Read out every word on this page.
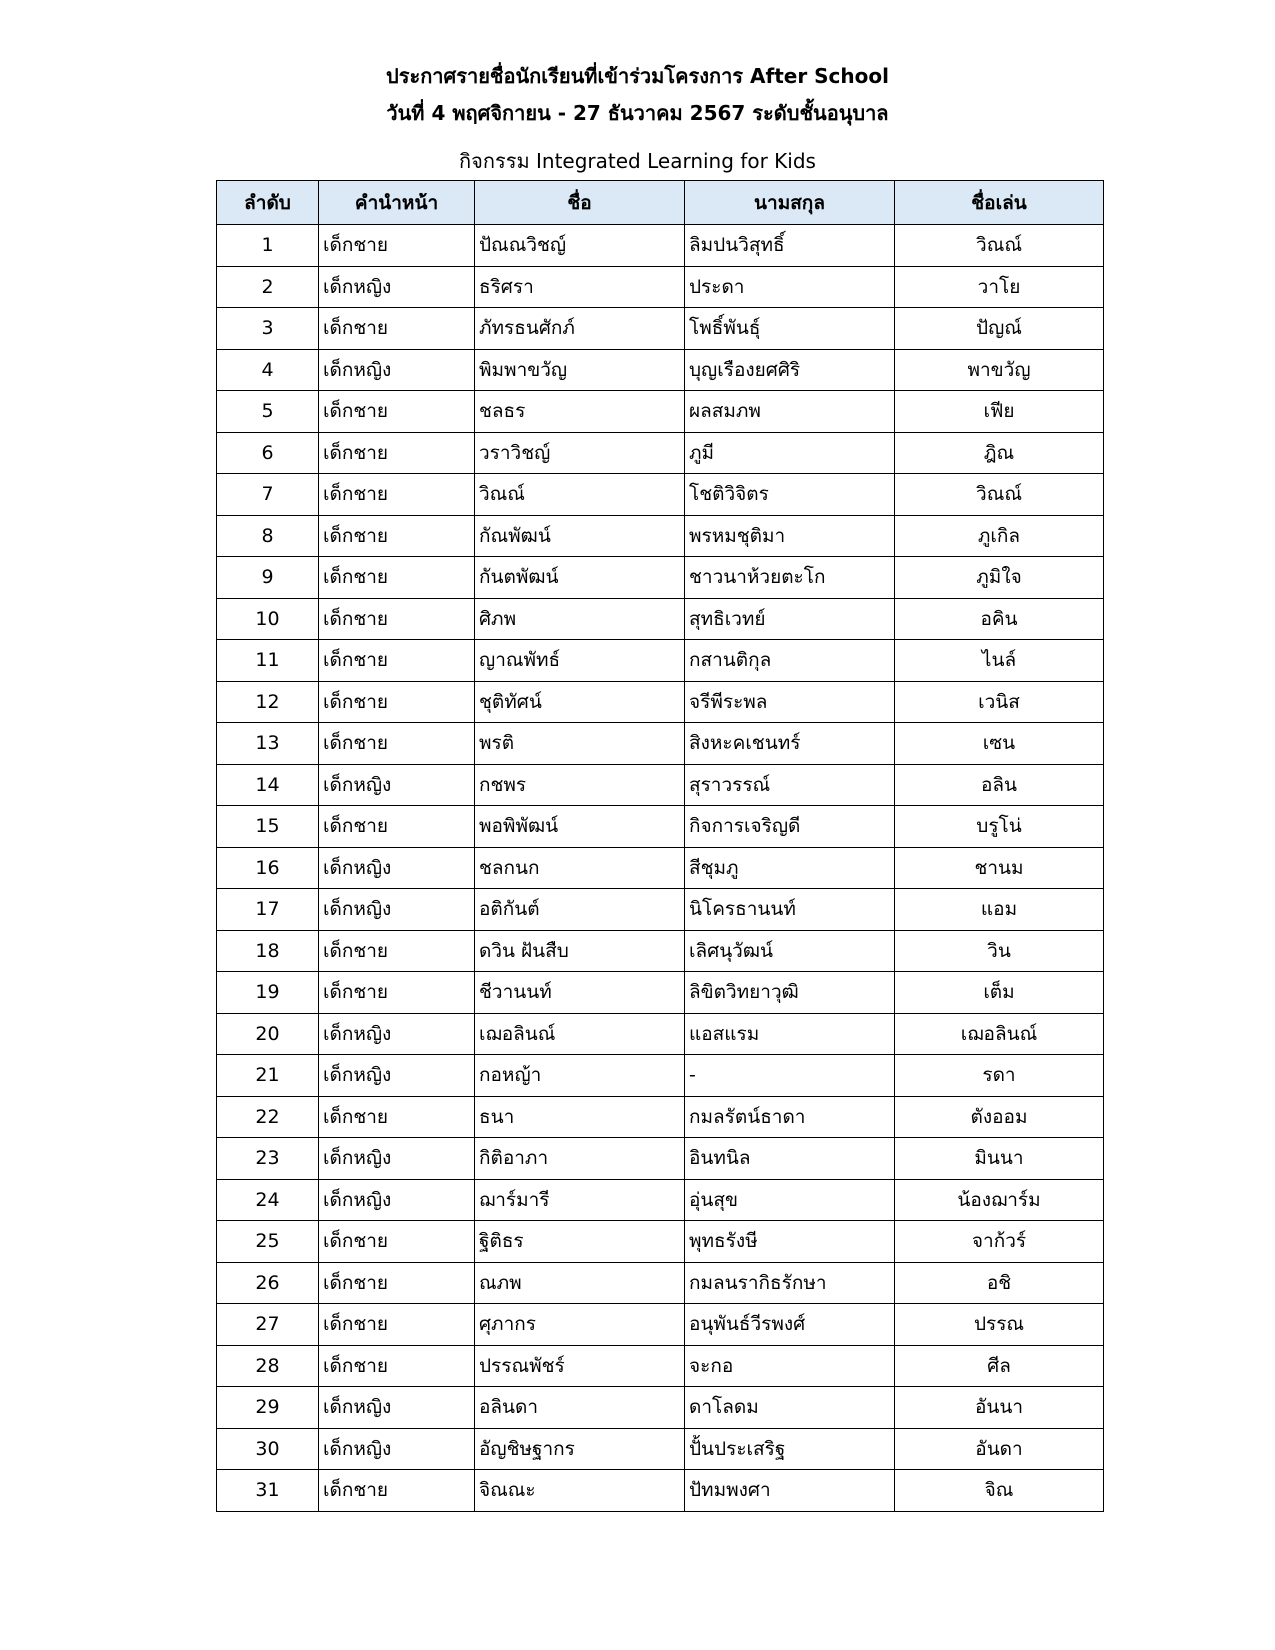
ประกาศรายชื่อนักเรียนที่เข้าร่วมโครงการ After School
วันที่ 4 พฤศจิกายน - 27 ธันวาคม 2567 ระดับชั้นอนุบาล
กิจกรรม Integrated Learning for Kids
ลำดับ	คำนำหน้า	ชื่อ	นามสกุล	ชื่อเล่น
1	เด็กชาย	ปัณณวิชญ์	ลิมปนวิสุทธิ์	วิณณ์
2	เด็กหญิง	ธริศรา	ประดา	วาโย
3	เด็กชาย	ภัทรธนศักภ์	โพธิ์พันธุ์	ปัญณ์
4	เด็กหญิง	พิมพาขวัญ	บุญเรืองยศศิริ	พาขวัญ
5	เด็กชาย	ชลธร	ผลสมภพ	เฟีย
6	เด็กชาย	วราวิชญ์	ภูมี	ฎิณ
7	เด็กชาย	วิณณ์	โชติวิจิตร	วิณณ์
8	เด็กชาย	กัณพัฒน์	พรหมชุติมา	ภูเกิล
9	เด็กชาย	กันตพัฒน์	ชาวนาห้วยตะโก	ภูมิใจ
10	เด็กชาย	ศิภพ	สุทธิเวทย์	อคิน
11	เด็กชาย	ญาณพัทธ์	กสานติกุล	ไนล์
12	เด็กชาย	ชุติทัศน์	จรีพีระพล	เวนิส
13	เด็กชาย	พรติ	สิงหะคเชนทร์	เซน
14	เด็กหญิง	กชพร	สุราวรรณ์	อลิน
15	เด็กชาย	พอพิพัฒน์	กิจการเจริญดี	บรูโน่
16	เด็กหญิง	ชลกนก	สีชุมภู	ชานม
17	เด็กหญิง	อติกันต์	นิโครธานนท์	แอม
18	เด็กชาย	ดวิน ฝันสืบ	เลิศนุวัฒน์	วิน
19	เด็กชาย	ชีวานนท์	ลิขิตวิทยาวุฒิ	เต็ม
20	เด็กหญิง	เฌอลินณ์	แอสแรม	เฌอลินณ์
21	เด็กหญิง	กอหญ้า	-	รดา
22	เด็กชาย	ธนา	กมลรัตน์ธาดา	ตังออม
23	เด็กหญิง	กิติอาภา	อินทนิล	มินนา
24	เด็กหญิง	ฌาร์มารี	อุ่นสุข	น้องฌาร์ม
25	เด็กชาย	ฐิติธร	พุทธรังษี	จาก้วร์
26	เด็กชาย	ณภพ	กมลนรากิธรักษา	อชิ
27	เด็กชาย	ศุภากร	อนุพันธ์วีรพงศ์	ปรรณ
28	เด็กชาย	ปรรณพัชร์	จะกอ	ศีล
29	เด็กหญิง	อลินดา	ดาโลดม	อันนา
30	เด็กหญิง	อัญชิษฐากร	ปั้นประเสริฐ	อันดา
31	เด็กชาย	จิณณะ	ปัทมพงศา	จิณ
